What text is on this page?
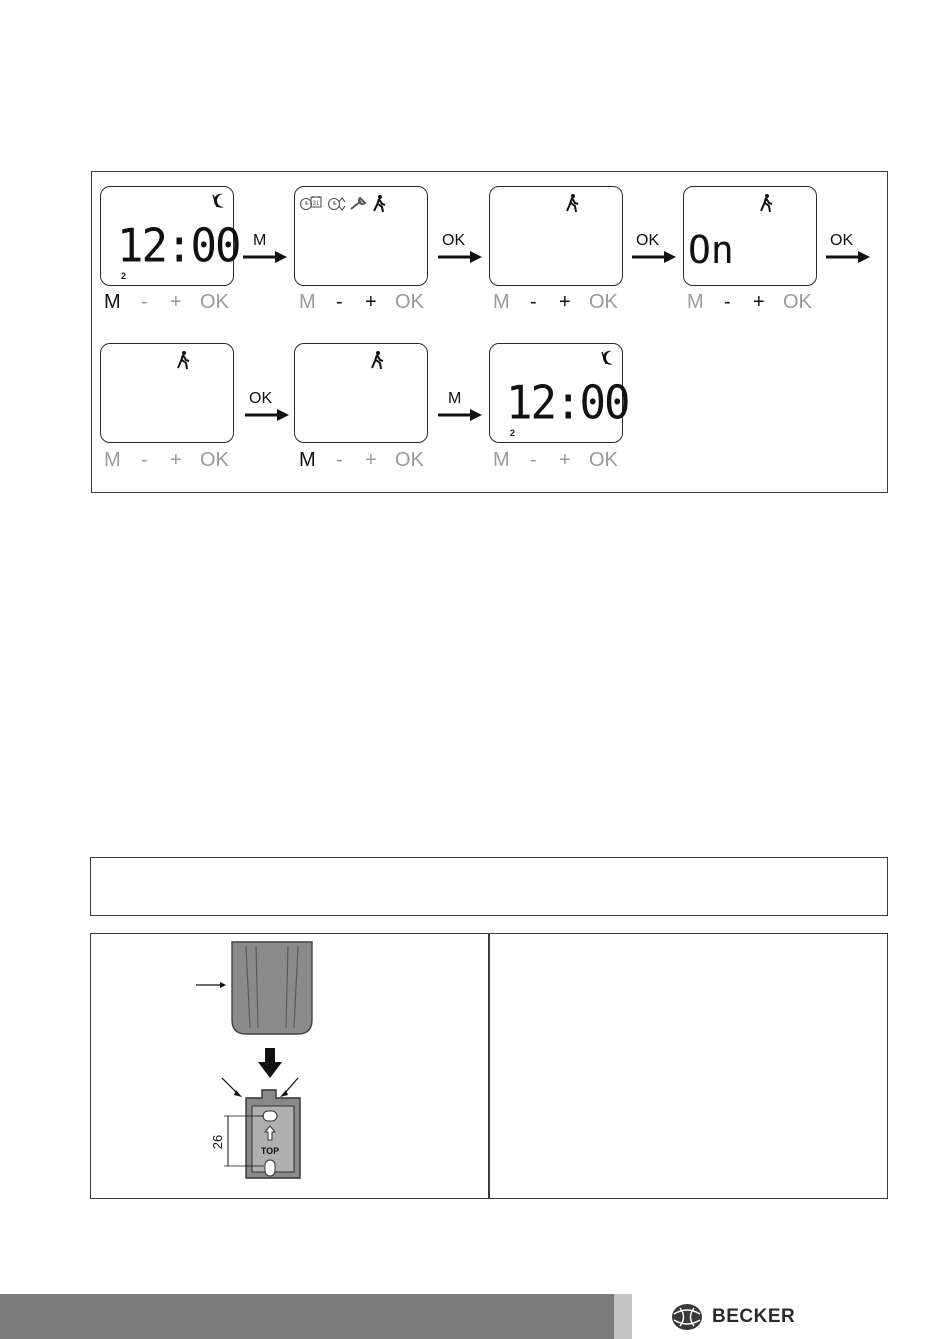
12:00
2
M - + OK
M
31
M - + OK
OK
M - + OK
OK On
M - + OK
OK
M - + OK
OK
M - + OK
M 12:00
2
M - + OK
TOP
26
BECKER
